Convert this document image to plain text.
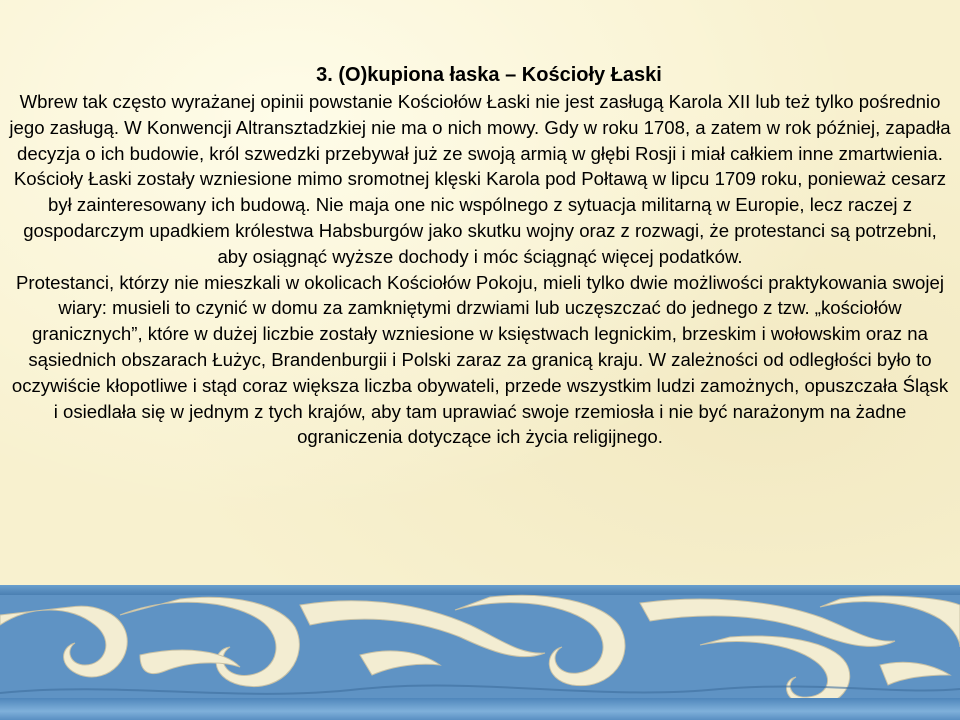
3. (O)kupiona łaska – Kościoły Łaski

Wbrew tak często wyrażanej opinii powstanie Kościołów Łaski nie jest zasługą Karola XII lub też tylko pośrednio jego zasługą. W Konwencji Altransztadzkiej nie ma o nich mowy. Gdy w roku 1708, a zatem w rok później, zapadła decyzja o ich budowie, król szwedzki przebywał już ze swoją armią w głębi Rosji i miał całkiem inne zmartwienia.

Kościoły Łaski zostały wzniesione mimo sromotnej klęski Karola pod Połtawą w lipcu 1709 roku, ponieważ cesarz był zainteresowany ich budową. Nie maja one nic wspólnego z sytuacja militarną w Europie, lecz raczej z gospodarczym upadkiem królestwa Habsburgów jako skutku wojny oraz z rozwagi, że protestanci są potrzebni, aby osiągnąć wyższe dochody i móc ściągnąć więcej podatków.

Protestanci, którzy nie mieszkali w okolicach Kościołów Pokoju, mieli tylko dwie możliwości praktykowania swojej wiary: musieli to czynić w domu za zamkniętymi drzwiami lub uczęszczać do jednego z tzw. „kościołów granicznych”, które w dużej liczbie zostały wzniesione w księstwach legnickim, brzeskim i wołowskim oraz na sąsiednich obszarach Łużyc, Brandenburgii i Polski zaraz za granicą kraju. W zależności od odległości było to oczywiście kłopotliwe i stąd coraz większa liczba obywateli, przede wszystkim ludzi zamożnych, opuszczała Śląsk i osiedlała się w jednym z tych krajów, aby tam uprawiać swoje rzemiosła i nie być narażonym na żadne ograniczenia dotyczące ich życia religijnego.
